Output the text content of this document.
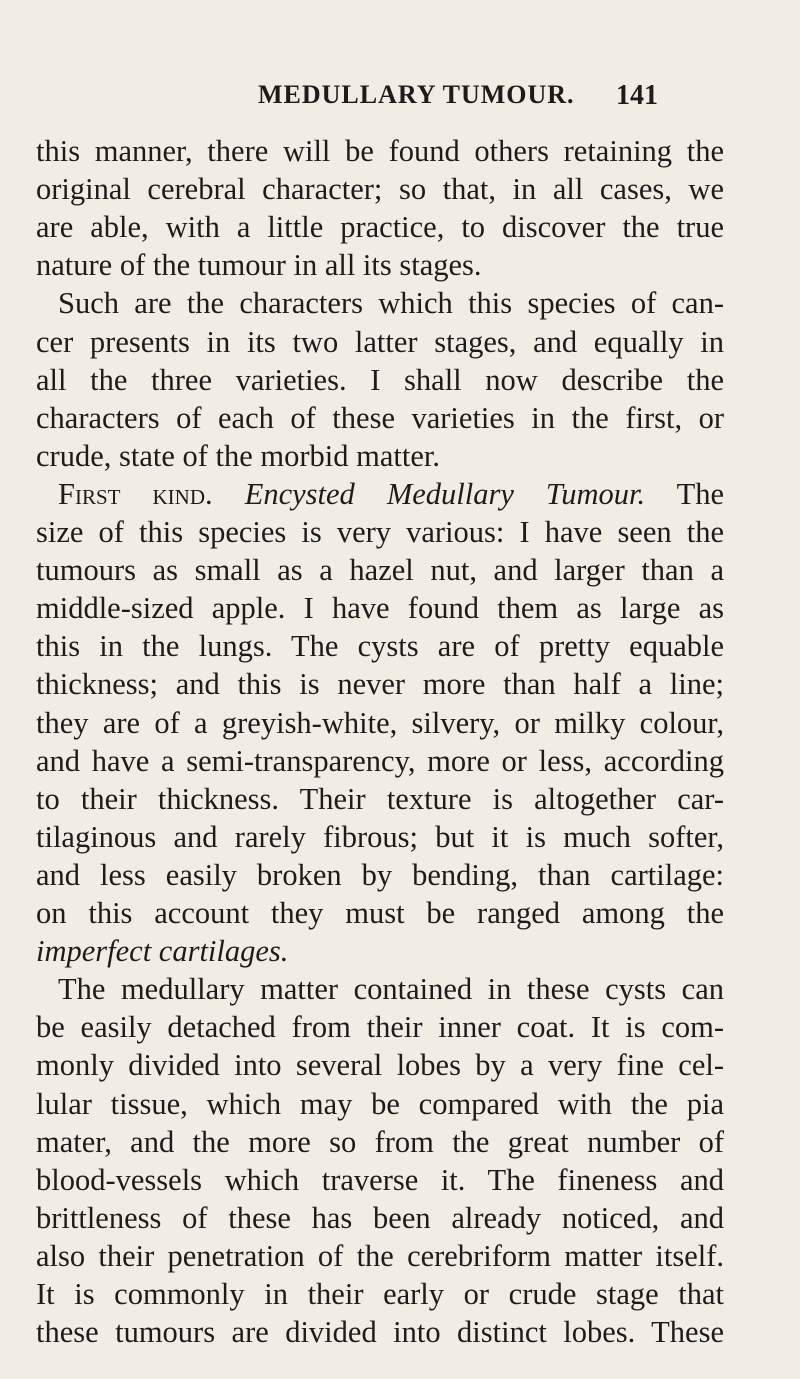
MEDULLARY TUMOUR. 141
this manner, there will be found others retaining the
original cerebral character; so that, in all cases, we
are able, with a little practice, to discover the true
nature of the tumour in all its stages.
Such are the characters which this species of can-
cer presents in its two latter stages, and equally in
all the three varieties. I shall now describe the
characters of each of these varieties in the first, or
crude, state of the morbid matter.
First kind. Encysted Medullary Tumour. The
size of this species is very various: I have seen the
tumours as small as a hazel nut, and larger than a
middle-sized apple. I have found them as large as
this in the lungs. The cysts are of pretty equable
thickness; and this is never more than half a line;
they are of a greyish-white, silvery, or milky colour,
and have a semi-transparency, more or less, according
to their thickness. Their texture is altogether car-
tilaginous and rarely fibrous; but it is much softer,
and less easily broken by bending, than cartilage:
on this account they must be ranged among the
imperfect cartilages.
The medullary matter contained in these cysts can
be easily detached from their inner coat. It is com-
monly divided into several lobes by a very fine cel-
lular tissue, which may be compared with the pia
mater, and the more so from the great number of
blood-vessels which traverse it. The fineness and
brittleness of these has been already noticed, and
also their penetration of the cerebriform matter itself.
It is commonly in their early or crude stage that
these tumours are divided into distinct lobes. These
